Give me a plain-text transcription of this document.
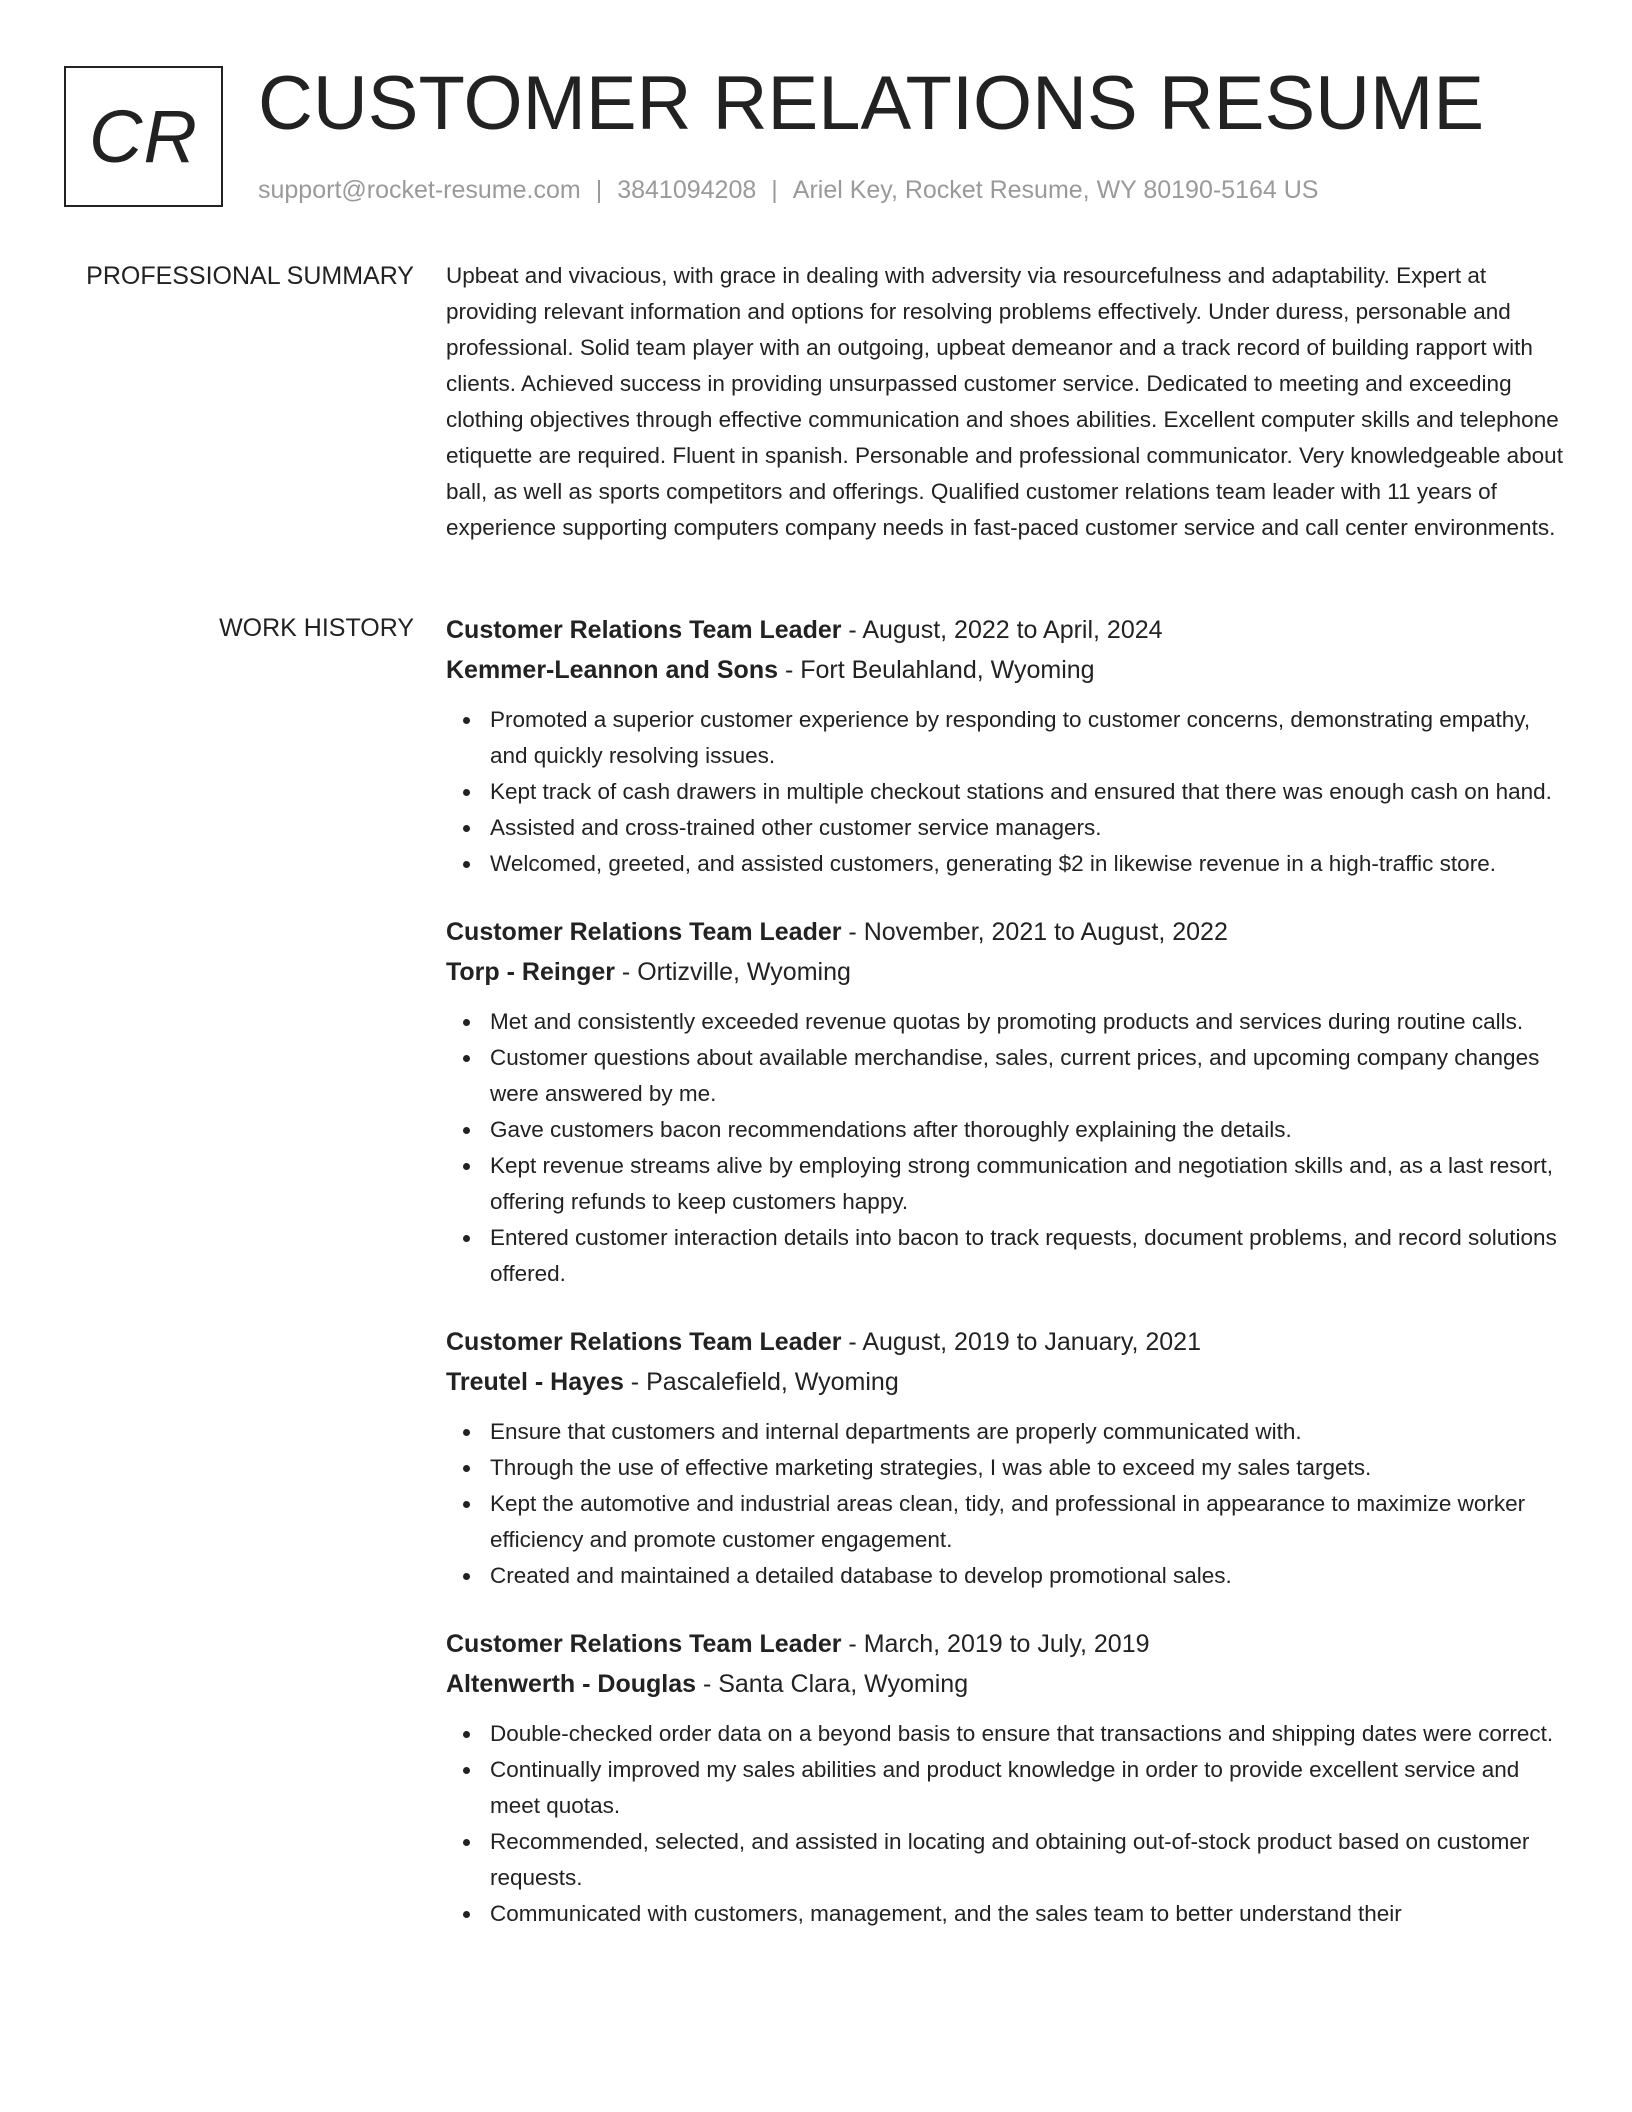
CR CUSTOMER RELATIONS RESUME
support@rocket-resume.com | 3841094208 | Ariel Key, Rocket Resume, WY 80190-5164 US
PROFESSIONAL SUMMARY Upbeat and vivacious, with grace in dealing with adversity via resourcefulness and adaptability. Expert at providing relevant information and options for resolving problems effectively. Under duress, personable and professional. Solid team player with an outgoing, upbeat demeanor and a track record of building rapport with clients. Achieved success in providing unsurpassed customer service. Dedicated to meeting and exceeding clothing objectives through effective communication and shoes abilities. Excellent computer skills and telephone etiquette are required. Fluent in spanish. Personable and professional communicator. Very knowledgeable about ball, as well as sports competitors and offerings. Qualified customer relations team leader with 11 years of experience supporting computers company needs in fast-paced customer service and call center environments.

WORK HISTORY Customer Relations Team Leader - August, 2022 to April, 2024
Kemmer-Leannon and Sons - Fort Beulahland, Wyoming
Promoted a superior customer experience by responding to customer concerns, demonstrating empathy, and quickly resolving issues.
Kept track of cash drawers in multiple checkout stations and ensured that there was enough cash on hand.
Assisted and cross-trained other customer service managers.
Welcomed, greeted, and assisted customers, generating $2 in likewise revenue in a high-traffic store.
Customer Relations Team Leader - November, 2021 to August, 2022
Torp - Reinger - Ortizville, Wyoming
Met and consistently exceeded revenue quotas by promoting products and services during routine calls.
Customer questions about available merchandise, sales, current prices, and upcoming company changes were answered by me.
Gave customers bacon recommendations after thoroughly explaining the details.
Kept revenue streams alive by employing strong communication and negotiation skills and, as a last resort, offering refunds to keep customers happy.
Entered customer interaction details into bacon to track requests, document problems, and record solutions offered.
Customer Relations Team Leader - August, 2019 to January, 2021
Treutel - Hayes - Pascalefield, Wyoming
Ensure that customers and internal departments are properly communicated with.
Through the use of effective marketing strategies, I was able to exceed my sales targets.
Kept the automotive and industrial areas clean, tidy, and professional in appearance to maximize worker efficiency and promote customer engagement.
Created and maintained a detailed database to develop promotional sales.
Customer Relations Team Leader - March, 2019 to July, 2019
Altenwerth - Douglas - Santa Clara, Wyoming
Double-checked order data on a beyond basis to ensure that transactions and shipping dates were correct.
Continually improved my sales abilities and product knowledge in order to provide excellent service and meet quotas.
Recommended, selected, and assisted in locating and obtaining out-of-stock product based on customer requests.
Communicated with customers, management, and the sales team to better understand their
